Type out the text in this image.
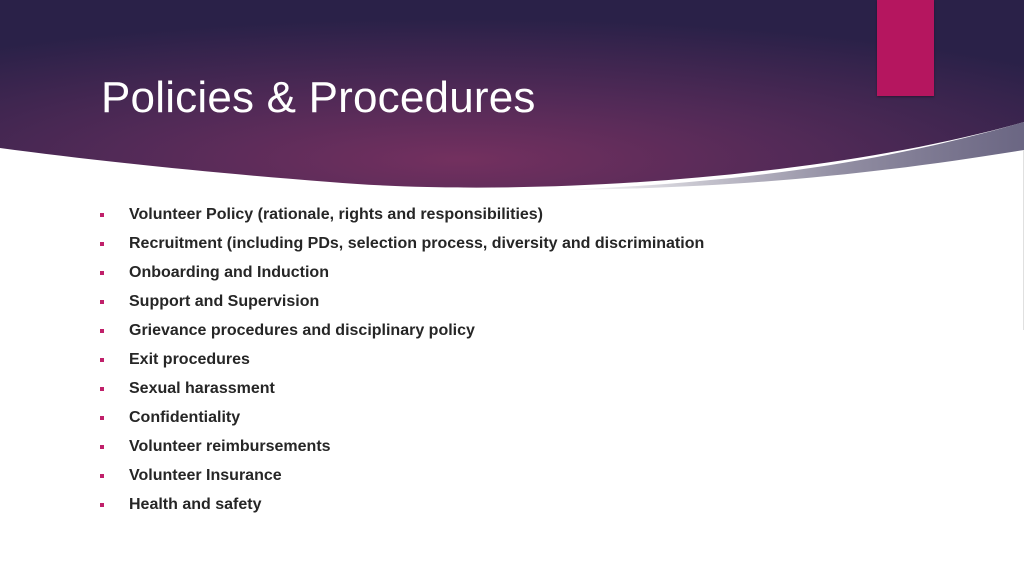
Policies & Procedures
Volunteer Policy (rationale, rights and responsibilities)
Recruitment (including PDs, selection process, diversity and discrimination
Onboarding and Induction
Support and Supervision
Grievance procedures and disciplinary policy
Exit procedures
Sexual harassment
Confidentiality
Volunteer reimbursements
Volunteer Insurance
Health and safety
